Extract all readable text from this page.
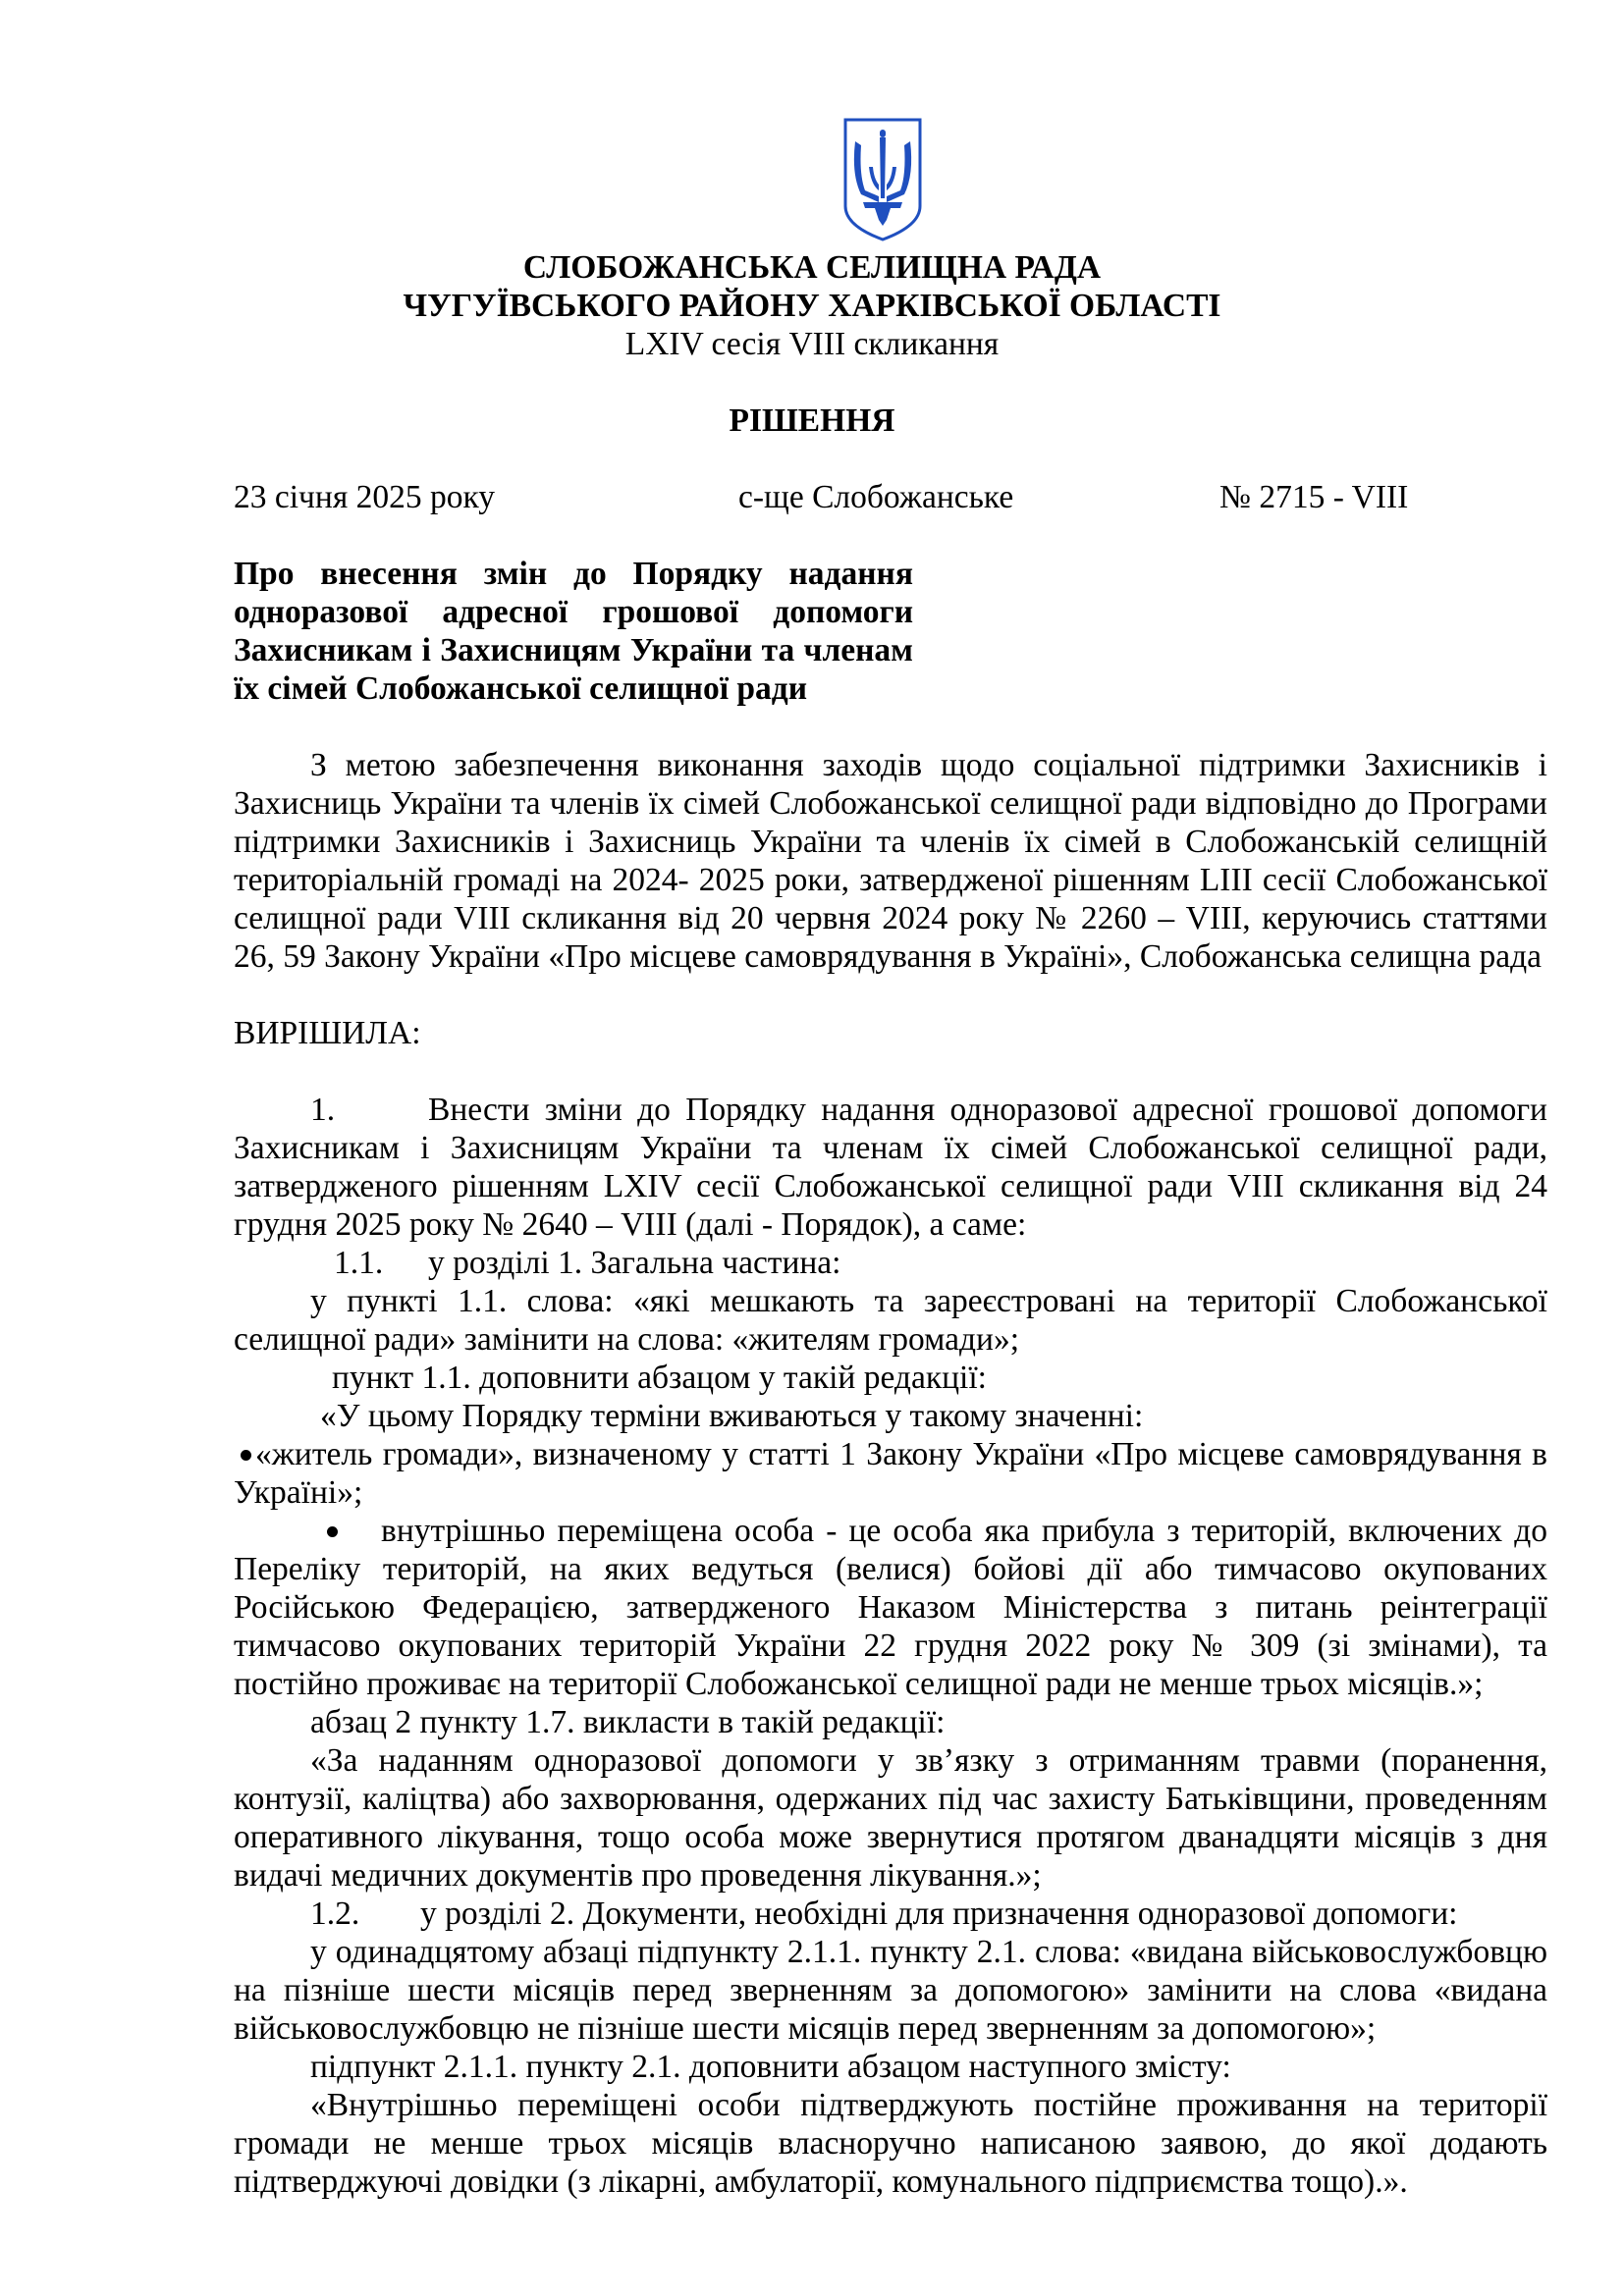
СЛОБОЖАНСЬКА СЕЛИЩНА РАДА
ЧУГУЇВСЬКОГО РАЙОНУ ХАРКІВСЬКОЇ ОБЛАСТІ
LXIV сесія VIII скликання
РІШЕННЯ
23 січня 2025 року	с-ще Слобожанське	№ 2715 - VIII
Про внесення змін до Порядку надання
одноразової адресної грошової допомоги
Захисникам і Захисницям України та членам
їх сімей Слобожанської селищної ради

З метою забезпечення виконання заходів щодо соціальної підтримки Захисників і Захисниць України та членів їх сімей Слобожанської селищної ради відповідно до Програми підтримки Захисників і Захисниць України та членів їх сімей в Слобожанській селищній територіальній громаді на 2024- 2025 роки, затвердженої рішенням LIII сесії Слобожанської селищної ради VIII скликання від 20 червня 2024 року № 2260 – VIII, керуючись статтями 26, 59 Закону України «Про місцеве самоврядування в Україні», Слобожанська селищна рада

ВИРІШИЛА:

1.	Внести зміни до Порядку надання одноразової адресної грошової допомоги Захисникам і Захисницям України та членам їх сімей Слобожанської селищної ради, затвердженого рішенням LXIV сесії Слобожанської селищної ради VIII скликання від 24 грудня 2025 року № 2640 – VIII (далі - Порядок), а саме:

1.1. у розділі 1. Загальна частина:

у пункті 1.1. слова: «які мешкають та зареєстровані на території Слобожанської селищної ради» замінити на слова: «жителям громади»;

пункт 1.1. доповнити абзацом у такій редакції:
«У цьому Порядку терміни вживаються у такому значенні:

«житель громади», визначеному у статті 1 Закону України «Про місцеве самоврядування в Україні»;

внутрішньо переміщена особа - це особа яка прибула з територій, включених до Переліку територій, на яких ведуться (велися) бойові дії або тимчасово окупованих Російською Федерацією, затвердженого Наказом Міністерства з питань реінтеграції тимчасово окупованих територій України 22 грудня 2022 року № 309 (зі змінами), та постійно проживає на території Слобожанської селищної ради не менше трьох місяців.»;

абзац 2 пункту 1.7. викласти в такій редакції:

«За наданням одноразової допомоги у зв’язку з отриманням травми (поранення, контузії, каліцтва) або захворювання, одержаних під час захисту Батьківщини, проведенням оперативного лікування, тощо особа може звернутися протягом дванадцяти місяців з дня видачі медичних документів про проведення лікування.»;

1.2. у розділі 2. Документи, необхідні для призначення одноразової допомоги:

у одинадцятому абзаці підпункту 2.1.1. пункту 2.1. слова: «видана військовослужбовцю на пізніше шести місяців перед зверненням за допомогою» замінити на слова «видана військовослужбовцю не пізніше шести місяців перед зверненням за допомогою»;

підпункт 2.1.1. пункту 2.1. доповнити абзацом наступного змісту:

«Внутрішньо переміщені особи підтверджують постійне проживання на території громади не менше трьох місяців власноручно написаною заявою, до якої додають підтверджуючі довідки (з лікарні, амбулаторії, комунального підприємства тощо).».
